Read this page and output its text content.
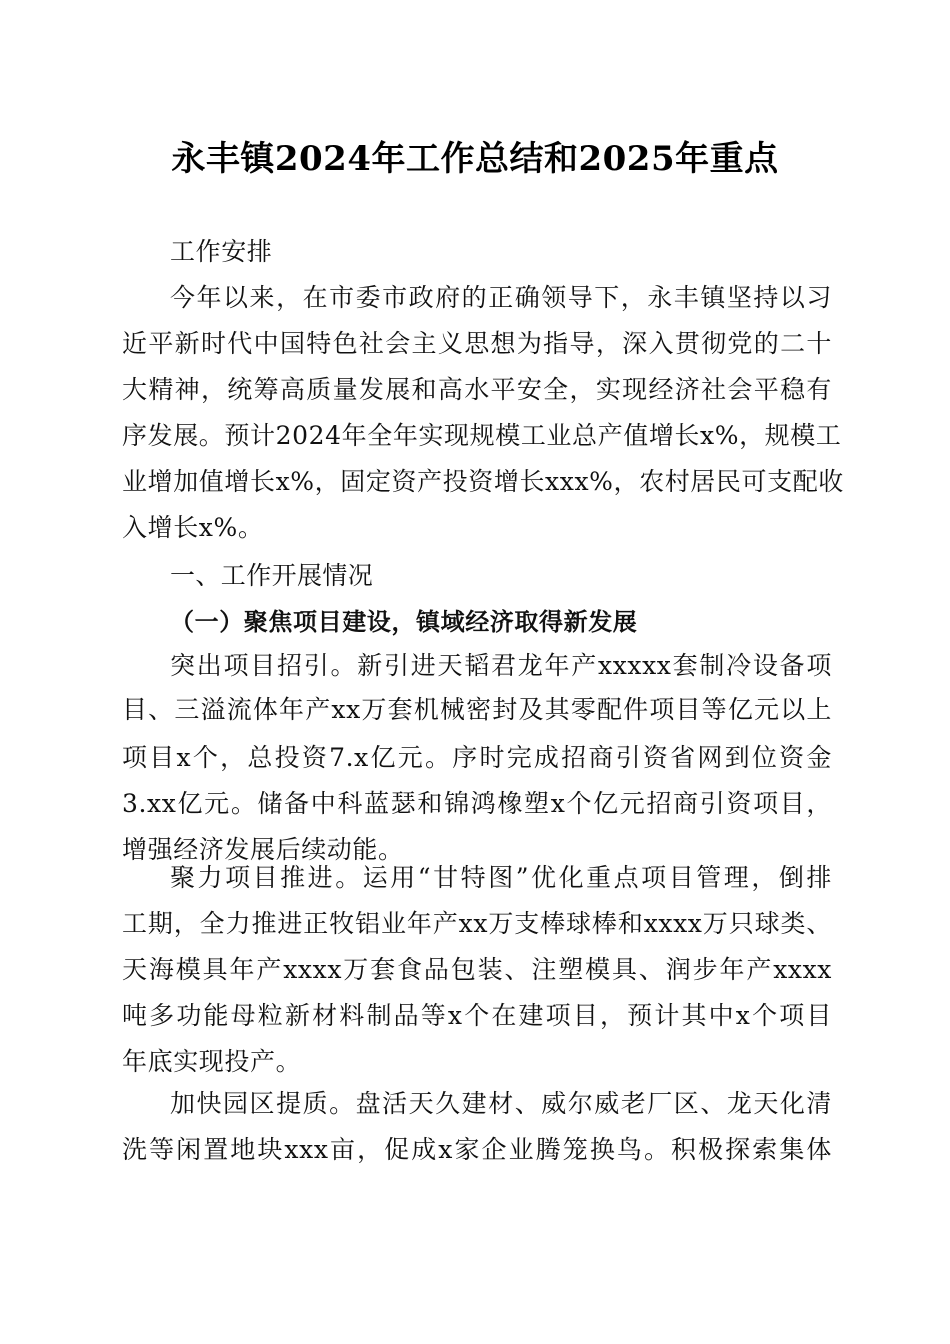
永丰镇2024年工作总结和2025年重点
工作安排
今年以来，在市委市政府的正确领导下，永丰镇坚持以习
近平新时代中国特色社会主义思想为指导，深入贯彻党的二十
大精神，统筹高质量发展和高水平安全，实现经济社会平稳有
序发展。预计2024年全年实现规模工业总产值增长x%，规模工
业增加值增长x%，固定资产投资增长xxx%，农村居民可支配收
入增长x%。
一、工作开展情况
（一）聚焦项目建设，镇域经济取得新发展
突出项目招引。新引进天韬君龙年产xxxxx套制冷设备项
目、三溢流体年产xx万套机械密封及其零配件项目等亿元以上
项目x个，总投资7.x亿元。序时完成招商引资省网到位资金
3.xx亿元。储备中科蓝瑟和锦鸿橡塑x个亿元招商引资项目，
增强经济发展后续动能。
聚力项目推进。运用“甘特图”优化重点项目管理，倒排
工期，全力推进正牧铝业年产xx万支棒球棒和xxxx万只球类、
天海模具年产xxxx万套食品包装、注塑模具、润步年产xxxx
吨多功能母粒新材料制品等x个在建项目，预计其中x个项目
年底实现投产。
加快园区提质。盘活天久建材、威尔威老厂区、龙天化清
洗等闲置地块xxx亩，促成x家企业腾笼换鸟。积极探索集体
